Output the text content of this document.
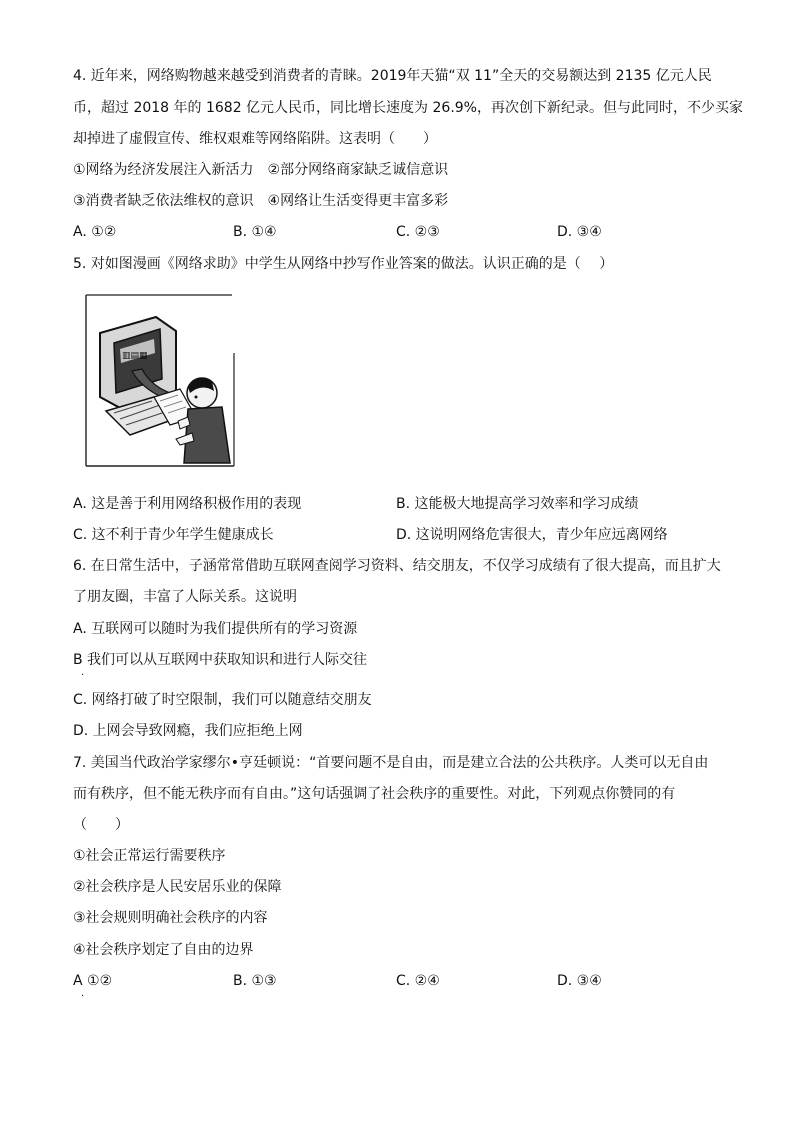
4. 近年来，网络购物越来越受到消费者的青睐。2019年天猫“双 11”全天的交易额达到 2135 亿元人民
币，超过 2018 年的 1682 亿元人民币，同比增长速度为 26.9%，再次创下新纪录。但与此同时，不少买家
却掉进了虚假宣传、维权艰难等网络陷阱。这表明（　　）
①网络为经济发展注入新活力　②部分网络商家缺乏诚信意识
③消费者缺乏依法维权的意识　④网络让生活变得更丰富多彩
A. ①②	B. ①④	C. ②③	D. ③④
5. 对如图漫画《网络求助》中学生从网络中抄写作业答案的做法。认识正确的是（　 ）
▥▤▦
A. 这是善于利用网络积极作用的表现	B. 这能极大地提高学习效率和学习成绩
C. 这不利于青少年学生健康成长	D. 这说明网络危害很大，青少年应远离网络
6. 在日常生活中，子涵常常借助互联网查阅学习资料、结交朋友，不仅学习成绩有了很大提高，而且扩大
了朋友圈，丰富了人际关系。这说明
A. 互联网可以随时为我们提供所有的学习资源
B 我们可以从互联网中获取知识和进行人际交往
·
C. 网络打破了时空限制，我们可以随意结交朋友
D. 上网会导致网瘾，我们应拒绝上网
7. 美国当代政治学家缪尔•亨廷顿说：“首要问题不是自由，而是建立合法的公共秩序。人类可以无自由
而有秩序，但不能无秩序而有自由。”这句话强调了社会秩序的重要性。对此，下列观点你赞同的有
（　　）
①社会正常运行需要秩序
②社会秩序是人民安居乐业的保障
③社会规则明确社会秩序的内容
④社会秩序划定了自由的边界
A ①②	B. ①③	C. ②④	D. ③④
·
